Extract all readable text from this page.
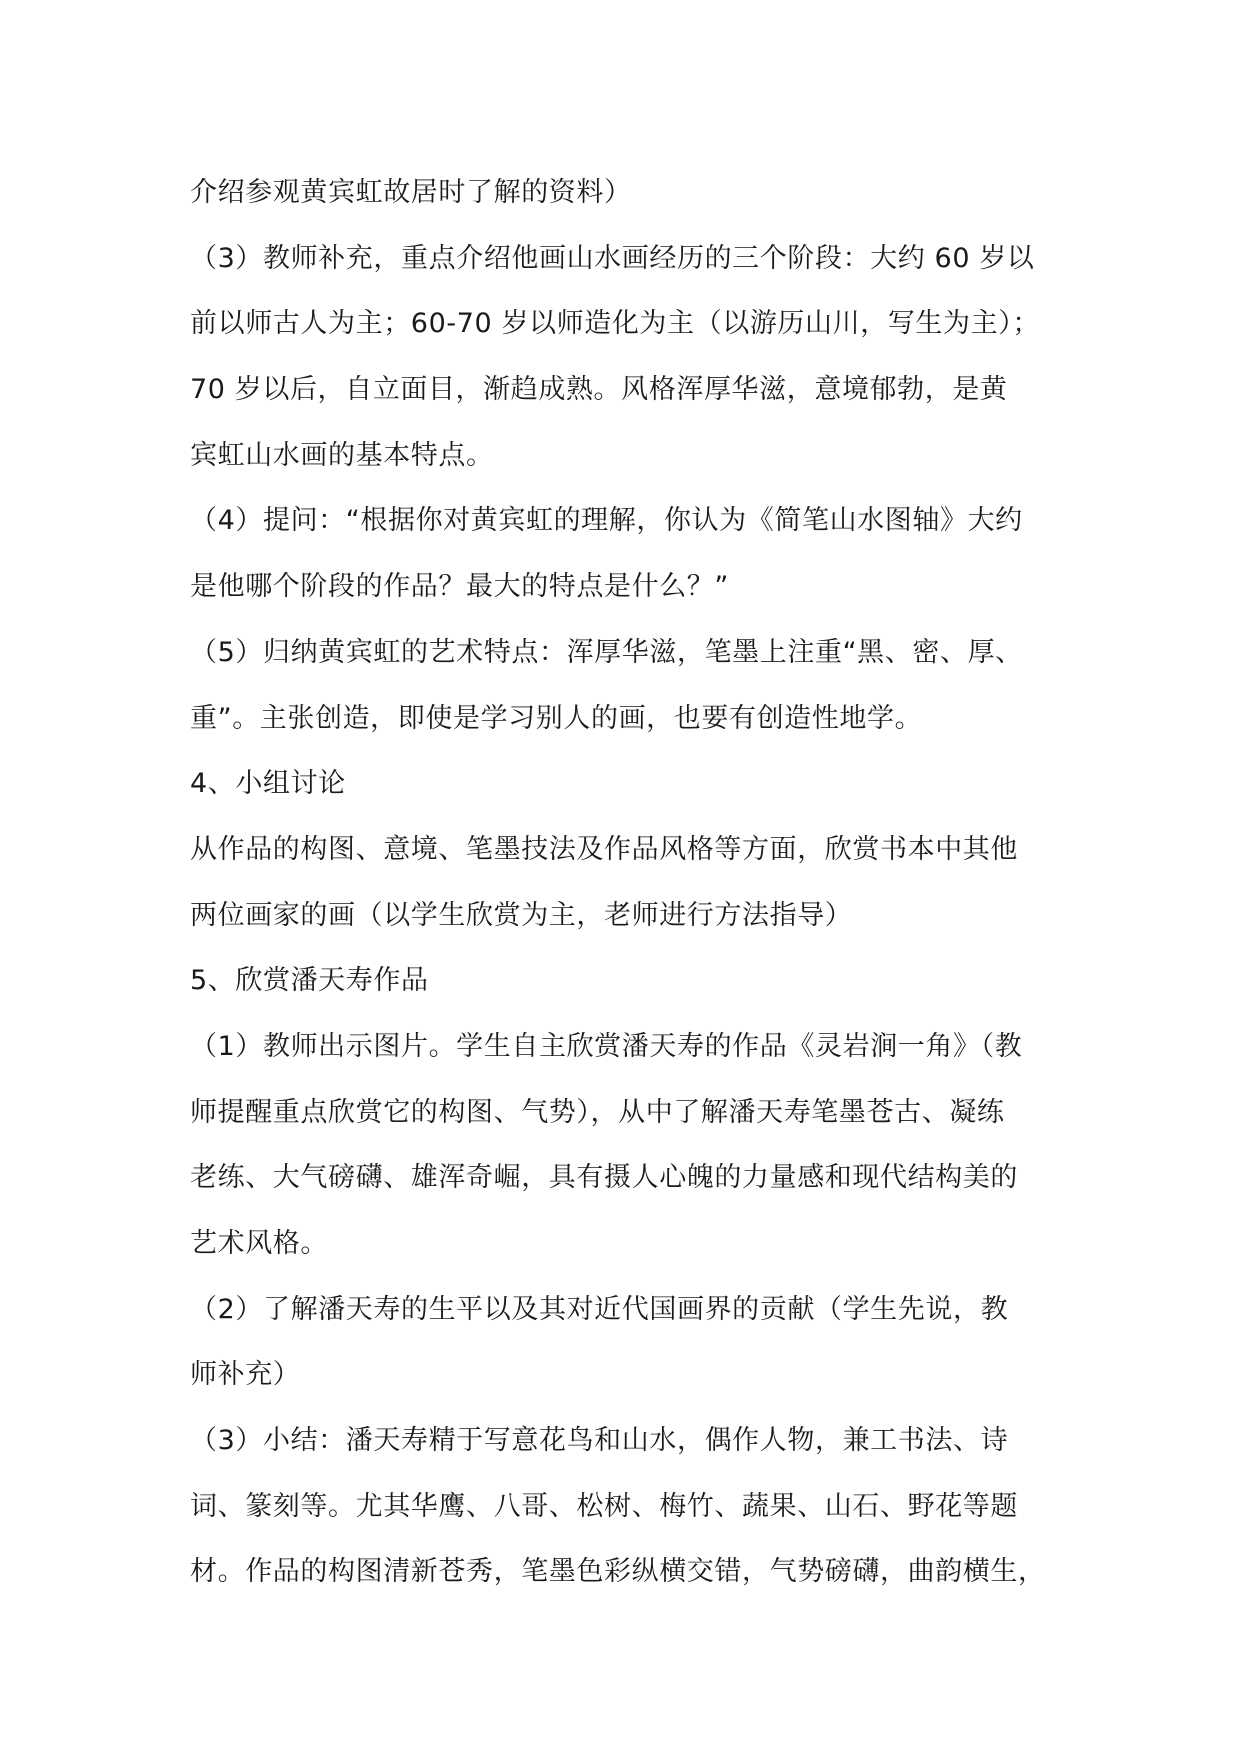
介绍参观黄宾虹故居时了解的资料）
（3）教师补充，重点介绍他画山水画经历的三个阶段：大约 60 岁以
前以师古人为主；60-70 岁以师造化为主（以游历山川，写生为主）；
70 岁以后，自立面目，渐趋成熟。风格浑厚华滋，意境郁勃，是黄
宾虹山水画的基本特点。
（4）提问：“根据你对黄宾虹的理解，你认为《简笔山水图轴》大约
是他哪个阶段的作品？最大的特点是什么？”
（5）归纳黄宾虹的艺术特点：浑厚华滋，笔墨上注重“黑、密、厚、
重”。主张创造，即使是学习别人的画，也要有创造性地学。
4、小组讨论
从作品的构图、意境、笔墨技法及作品风格等方面，欣赏书本中其他
两位画家的画（以学生欣赏为主，老师进行方法指导）
5、欣赏潘天寿作品
（1）教师出示图片。学生自主欣赏潘天寿的作品《灵岩涧一角》（教
师提醒重点欣赏它的构图、气势），从中了解潘天寿笔墨苍古、凝练
老练、大气磅礴、雄浑奇崛，具有摄人心魄的力量感和现代结构美的
艺术风格。
（2）了解潘天寿的生平以及其对近代国画界的贡献（学生先说，教
师补充）
（3）小结：潘天寿精于写意花鸟和山水，偶作人物，兼工书法、诗
词、篆刻等。尤其华鹰、八哥、松树、梅竹、蔬果、山石、野花等题
材。作品的构图清新苍秀，笔墨色彩纵横交错，气势磅礴，曲韵横生，
